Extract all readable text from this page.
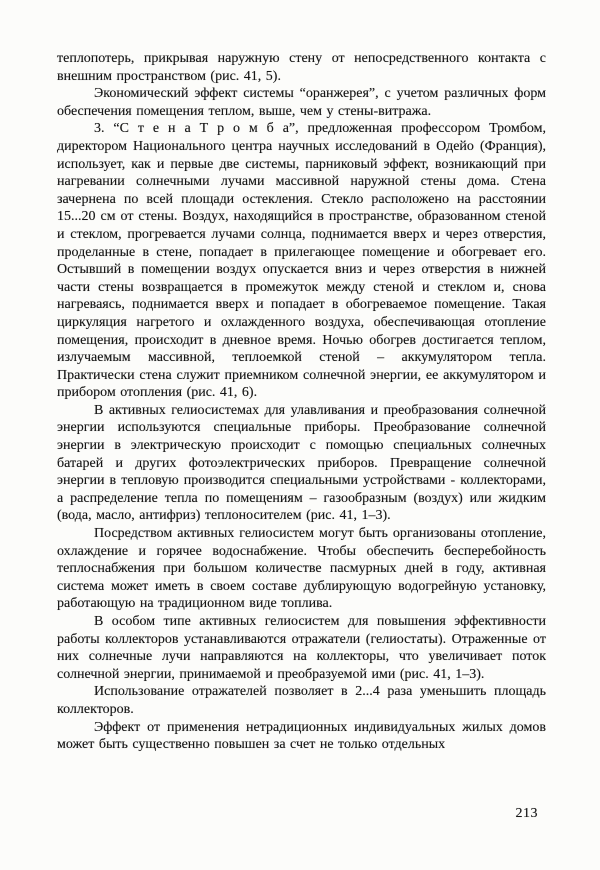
теплопотерь, прикрывая наружную стену от непосредственного контакта с внешним пространством (рис. 41, 5).

Экономический эффект системы “оранжерея”, с учетом различных форм обеспечения помещения теплом, выше, чем у стены-витража.

3. “С т е н а Т р о м б а”, предложенная профессором Тромбом, директором Национального центра научных исследований в Одейо (Франция), использует, как и первые две системы, парниковый эффект, возникающий при нагревании солнечными лучами массивной наружной стены дома. Стена зачернена по всей площади остекления. Стекло расположено на расстоянии 15...20 см от стены. Воздух, находящийся в пространстве, образованном стеной и стеклом, прогревается лучами солнца, поднимается вверх и через отверстия, проделанные в стене, попадает в прилегающее помещение и обогревает его. Остывший в помещении воздух опускается вниз и через отверстия в нижней части стены возвращается в промежуток между стеной и стеклом и, снова нагреваясь, поднимается вверх и попадает в обогреваемое помещение. Такая циркуляция нагретого и охлажденного воздуха, обеспечивающая отопление помещения, происходит в дневное время. Ночью обогрев достигается теплом, излучаемым массивной, теплоемкой стеной – аккумулятором тепла. Практически стена служит приемником солнечной энергии, ее аккумулятором и прибором отопления (рис. 41, 6).

В активных гелиосистемах для улавливания и преобразования солнечной энергии используются специальные приборы. Преобразование солнечной энергии в электрическую происходит с помощью специальных солнечных батарей и других фотоэлектрических приборов. Превращение солнечной энергии в тепловую производится специальными устройствами - коллекторами, а распределение тепла по помещениям – газообразным (воздух) или жидким (вода, масло, антифриз) теплоносителем (рис. 41, 1–3).

Посредством активных гелиосистем могут быть организованы отопление, охлаждение и горячее водоснабжение. Чтобы обеспечить бесперебойность теплоснабжения при большом количестве пасмурных дней в году, активная система может иметь в своем составе дублирующую водогрейную установку, работающую на традиционном виде топлива.

В особом типе активных гелиосистем для повышения эффективности работы коллекторов устанавливаются отражатели (гелиостаты). Отраженные от них солнечные лучи направляются на коллекторы, что увеличивает поток солнечной энергии, принимаемой и преобразуемой ими (рис. 41, 1–3).

Использование отражателей позволяет в 2...4 раза уменьшить площадь коллекторов.

Эффект от применения нетрадиционных индивидуальных жилых домов может быть существенно повышен за счет не только отдельных

213
